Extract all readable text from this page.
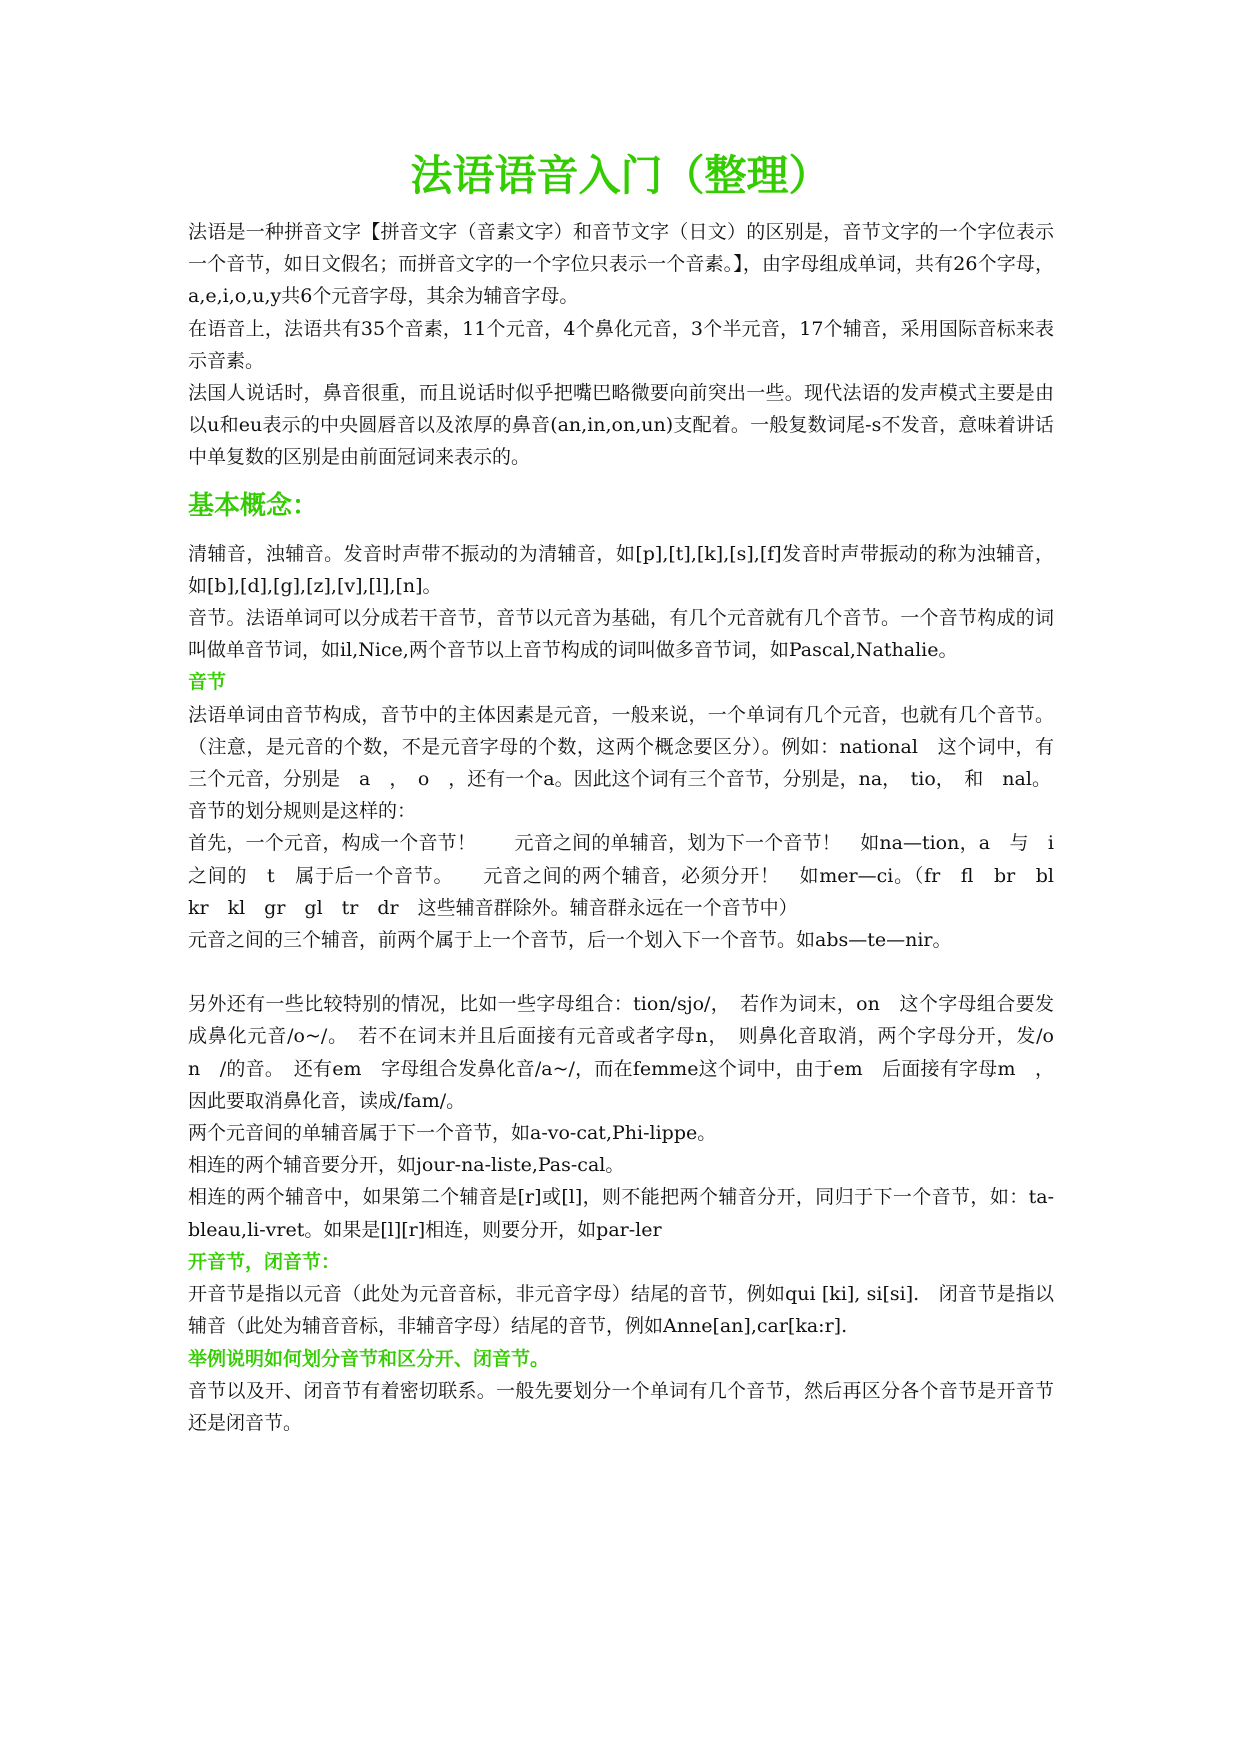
法语语音入门（整理）

法语是一种拼音文字【拼音文字（音素文字）和音节文字（日文）的区别是，音节文字的一个字位表示一个音节，如日文假名；而拼音文字的一个字位只表示一个音素。】，由字母组成单词，共有26个字母，a,e,i,o,u,y共6个元音字母，其余为辅音字母。

在语音上，法语共有35个音素，11个元音，4个鼻化元音，3个半元音，17个辅音，采用国际音标来表示音素。

法国人说话时，鼻音很重，而且说话时似乎把嘴巴略微要向前突出一些。现代法语的发声模式主要是由以u和eu表示的中央圆唇音以及浓厚的鼻音(an,in,on,un)支配着。一般复数词尾-s不发音，意味着讲话中单复数的区别是由前面冠词来表示的。

基本概念：

清辅音，浊辅音。发音时声带不振动的为清辅音，如[p],[t],[k],[s],[f]发音时声带振动的称为浊辅音，如[b],[d],[g],[z],[v],[l],[n]。

音节。法语单词可以分成若干音节，音节以元音为基础，有几个元音就有几个音节。一个音节构成的词叫做单音节词，如il,Nice,两个音节以上音节构成的词叫做多音节词，如Pascal,Nathalie。

音节

法语单词由音节构成，音节中的主体因素是元音，一般来说，一个单词有几个元音，也就有几个音节。（注意，是元音的个数，不是元音字母的个数，这两个概念要区分）。例如：national　这个词中，有三个元音，分别是　a　，　o　，还有一个a。因此这个词有三个音节，分别是，na，　tio，　和　nal。

音节的划分规则是这样的：

首先，一个元音，构成一个音节！　　元音之间的单辅音，划为下一个音节！　如na—tion，a　与　i之间的　t　属于后一个音节。　　元音之间的两个辅音，必须分开！　如mer—ci。（fr　fl　br　bl　kr　kl　gr　gl　tr　dr　这些辅音群除外。辅音群永远在一个音节中）

元音之间的三个辅音，前两个属于上一个音节，后一个划入下一个音节。如abs—te—nir。

另外还有一些比较特别的情况，比如一些字母组合：tion/sjo/，　若作为词末，on　这个字母组合要发成鼻化元音/o~/。　若不在词末并且后面接有元音或者字母n，　则鼻化音取消，两个字母分开，发/o　n　/的音。　还有em　字母组合发鼻化音/a~/，而在femme这个词中，由于em　后面接有字母m　，因此要取消鼻化音，读成/fam/。

两个元音间的单辅音属于下一个音节，如a-vo-cat,Phi-lippe。

相连的两个辅音要分开，如jour-na-liste,Pas-cal。

相连的两个辅音中，如果第二个辅音是[r]或[l]，则不能把两个辅音分开，同归于下一个音节，如：ta-bleau,li-vret。如果是[l][r]相连，则要分开，如par-ler

开音节，闭音节：

开音节是指以元音（此处为元音音标，非元音字母）结尾的音节，例如qui [ki], si[si].　闭音节是指以辅音（此处为辅音音标，非辅音字母）结尾的音节，例如Anne[an],car[ka:r].

举例说明如何划分音节和区分开、闭音节。

音节以及开、闭音节有着密切联系。一般先要划分一个单词有几个音节，然后再区分各个音节是开音节还是闭音节。
